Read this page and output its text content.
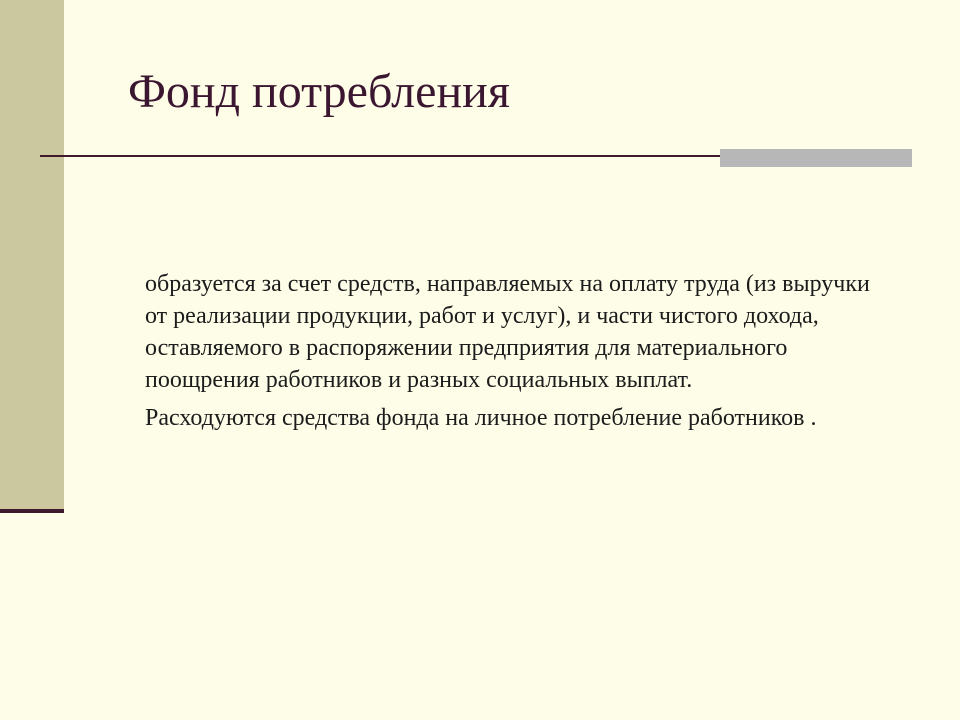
Фонд потребления

образуется за счет средств, направляемых на оплату труда (из выручки от реализации продукции, работ и услуг), и части чистого дохода, оставляемого в распоряжении предприятия для материального поощрения работников и разных социальных выплат.

Расходуются средства фонда на личное потребление работников .
